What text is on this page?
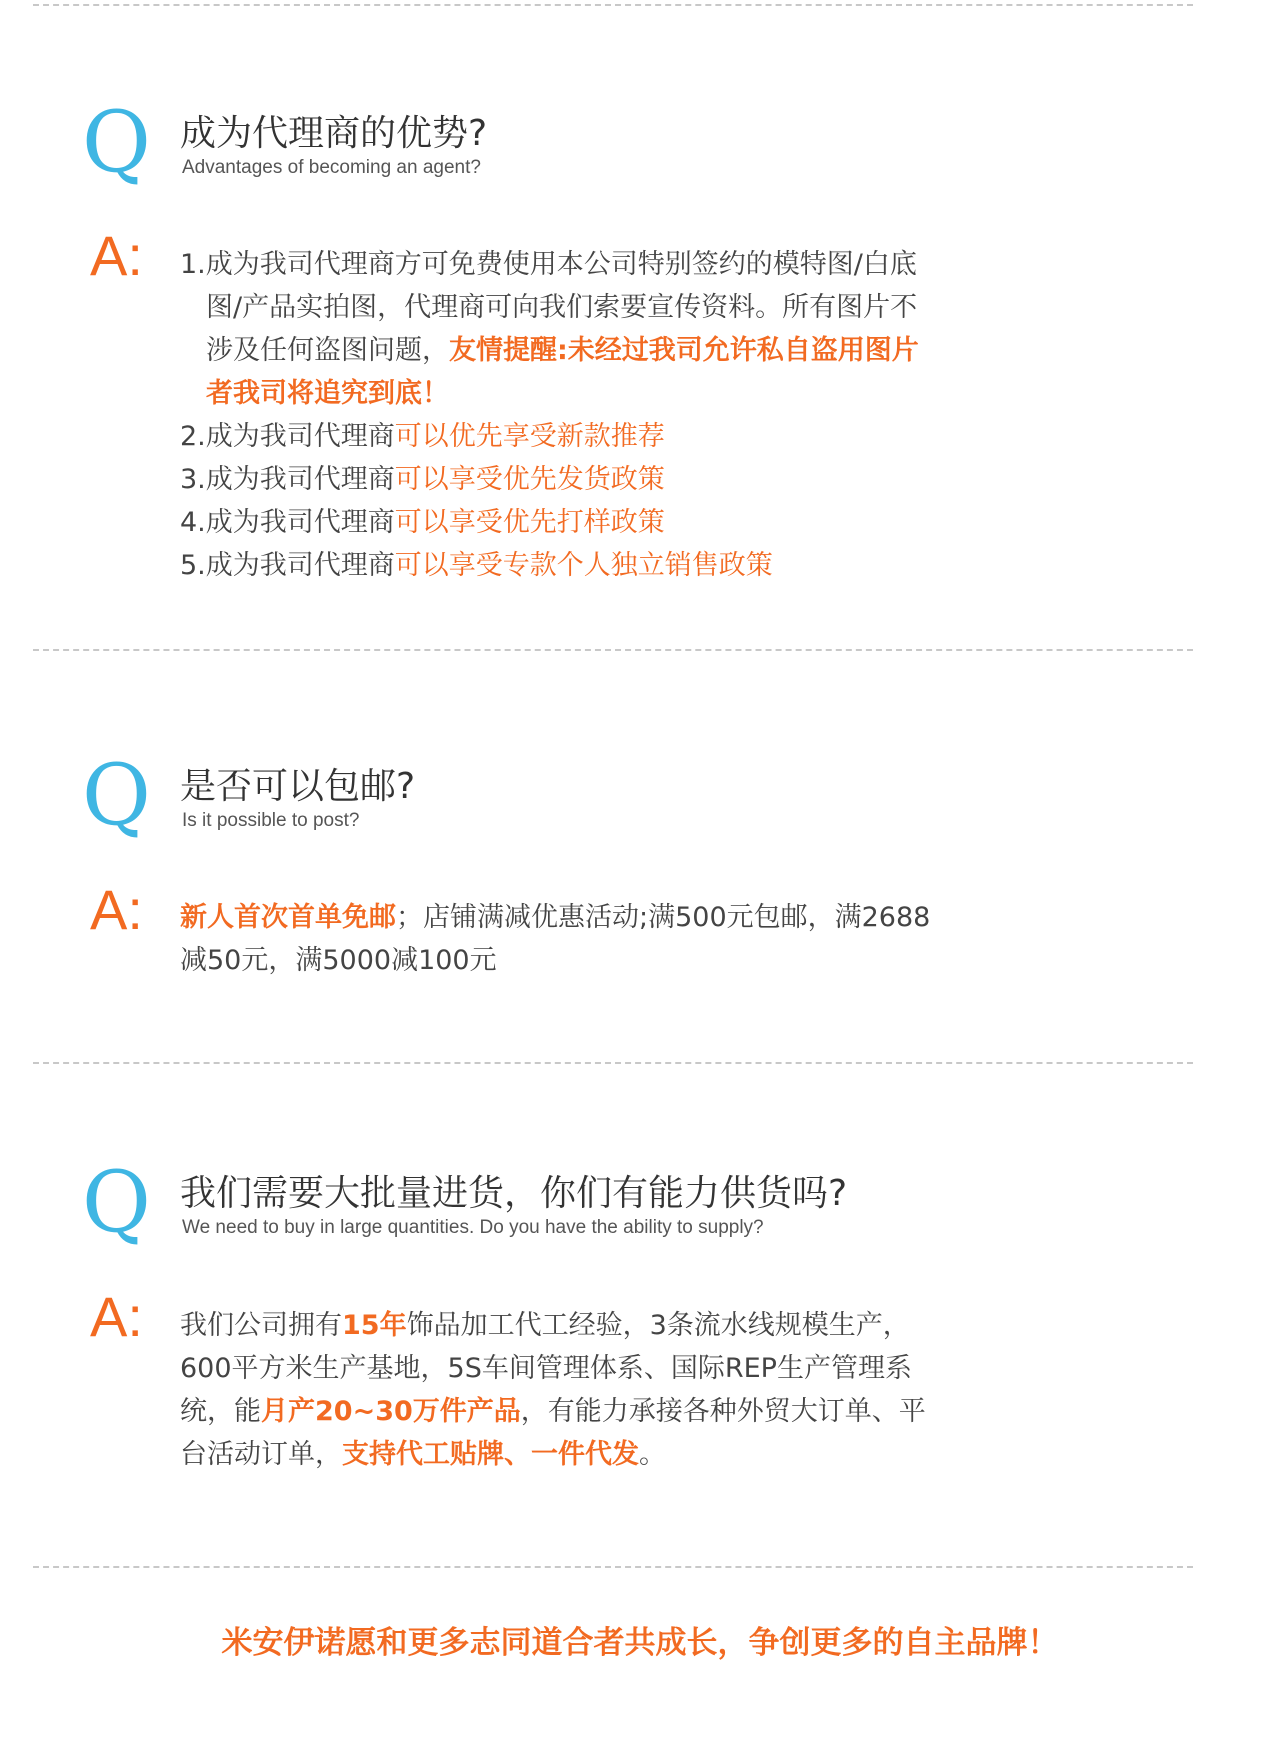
Q 成为代理商的优势?
Advantages of becoming an agent?
A: 1.成为我司代理商方可免费使用本公司特别签约的模特图/白底
图/产品实拍图，代理商可向我们索要宣传资料。所有图片不
涉及任何盗图问题，友情提醒:未经过我司允许私自盗用图片
者我司将追究到底！
2.成为我司代理商可以优先享受新款推荐
3.成为我司代理商可以享受优先发货政策
4.成为我司代理商可以享受优先打样政策
5.成为我司代理商可以享受专款个人独立销售政策
Q 是否可以包邮?
Is it possible to post?
A: 新人首次首单免邮；店铺满减优惠活动;满500元包邮，满2688
减50元，满5000减100元
Q 我们需要大批量进货，你们有能力供货吗?
We need to buy in large quantities. Do you have the ability to supply?
A: 我们公司拥有15年饰品加工代工经验，3条流水线规模生产，
600平方米生产基地，5S车间管理体系、国际REP生产管理系
统，能月产20~30万件产品，有能力承接各种外贸大订单、平
台活动订单，支持代工贴牌、一件代发。
米安伊诺愿和更多志同道合者共成长，争创更多的自主品牌！
